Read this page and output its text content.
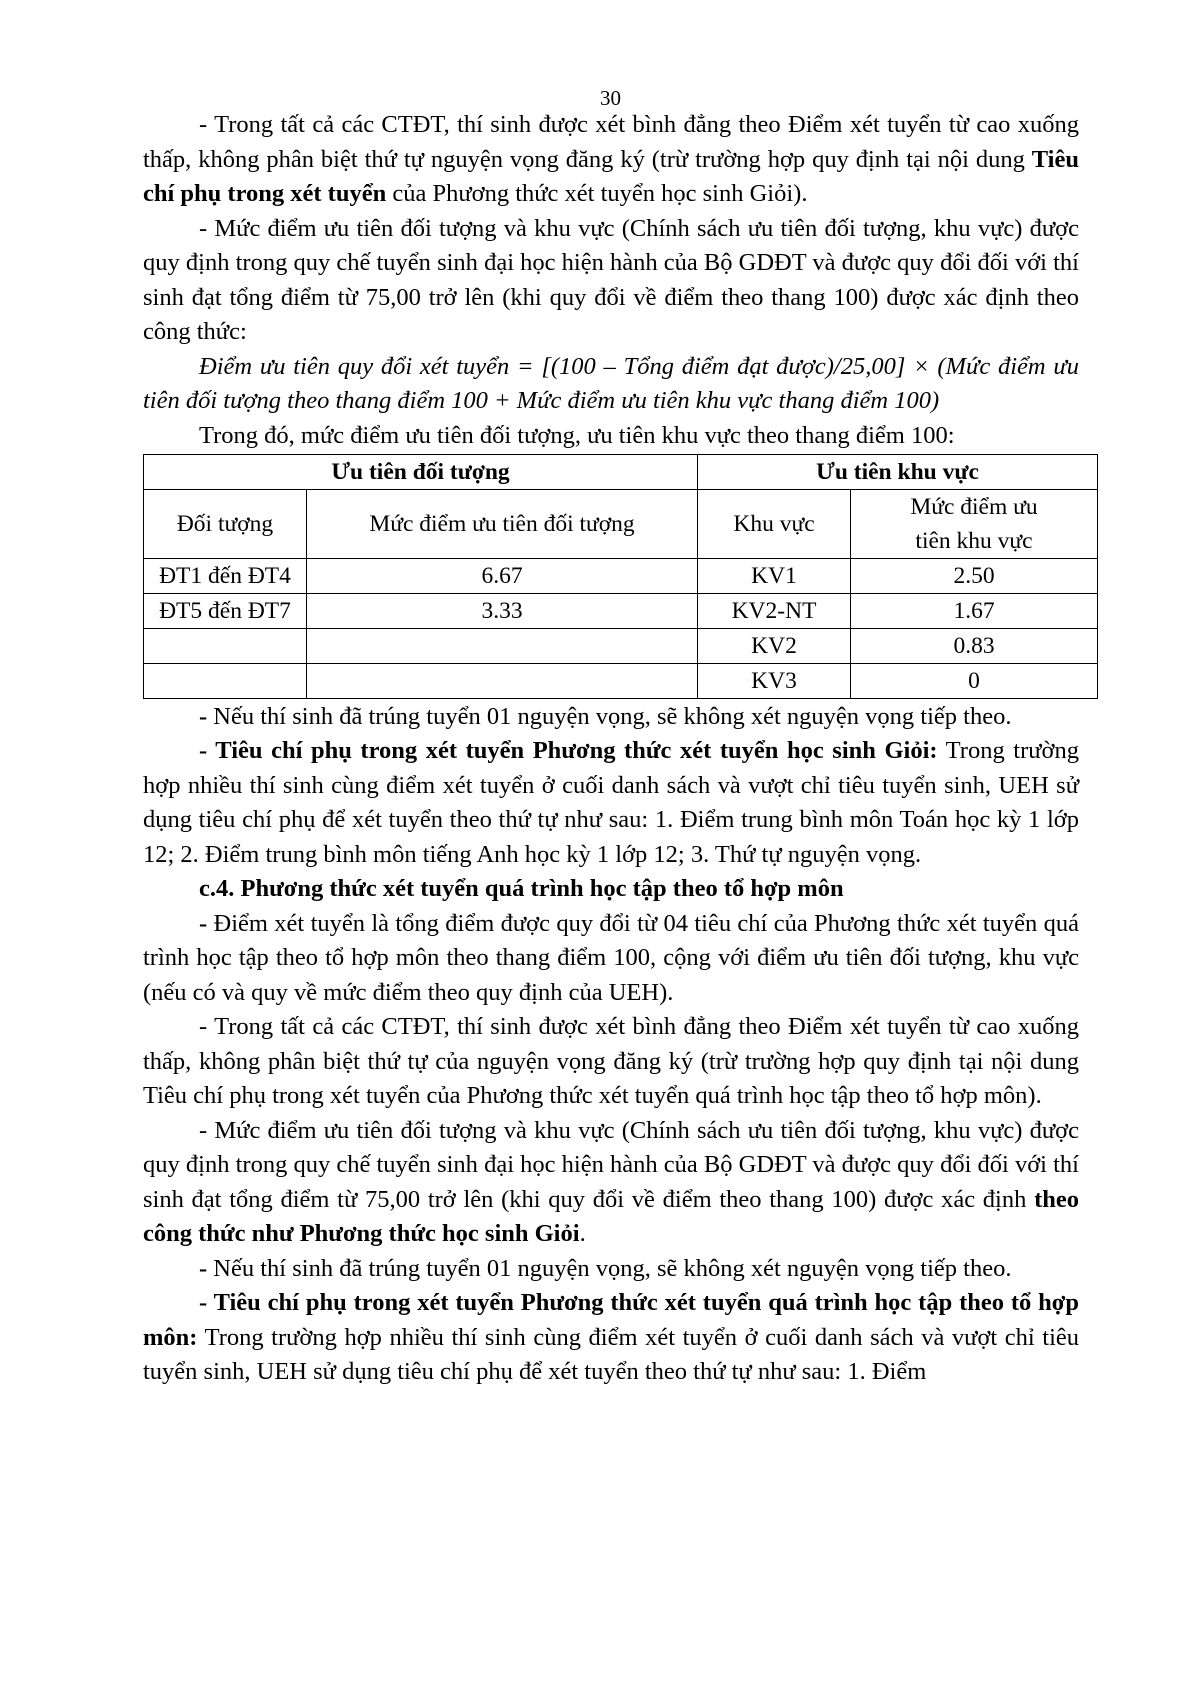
30

- Trong tất cả các CTĐT, thí sinh được xét bình đẳng theo Điểm xét tuyển từ cao xuống thấp, không phân biệt thứ tự nguyện vọng đăng ký (trừ trường hợp quy định tại nội dung Tiêu chí phụ trong xét tuyển của Phương thức xét tuyển học sinh Giỏi).

- Mức điểm ưu tiên đối tượng và khu vực (Chính sách ưu tiên đối tượng, khu vực) được quy định trong quy chế tuyển sinh đại học hiện hành của Bộ GDĐT và được quy đổi đối với thí sinh đạt tổng điểm từ 75,00 trở lên (khi quy đổi về điểm theo thang 100) được xác định theo công thức:

Điểm ưu tiên quy đổi xét tuyển = [(100 – Tổng điểm đạt được)/25,00] × (Mức điểm ưu tiên đối tượng theo thang điểm 100 + Mức điểm ưu tiên khu vực thang điểm 100)

Trong đó, mức điểm ưu tiên đối tượng, ưu tiên khu vực theo thang điểm 100:

Ưu tiên đối tượng		Ưu tiên khu vực	
Đối tượng	Mức điểm ưu tiên đối tượng	Khu vực	Mức điểm ưu tiên khu vực
ĐT1 đến ĐT4	6.67	KV1	2.50
ĐT5 đến ĐT7	3.33	KV2-NT	1.67
		KV2	0.83
		KV3	0

- Nếu thí sinh đã trúng tuyển 01 nguyện vọng, sẽ không xét nguyện vọng tiếp theo.

- Tiêu chí phụ trong xét tuyển Phương thức xét tuyển học sinh Giỏi: Trong trường hợp nhiều thí sinh cùng điểm xét tuyển ở cuối danh sách và vượt chỉ tiêu tuyển sinh, UEH sử dụng tiêu chí phụ để xét tuyển theo thứ tự như sau: 1. Điểm trung bình môn Toán học kỳ 1 lớp 12; 2. Điểm trung bình môn tiếng Anh học kỳ 1 lớp 12; 3. Thứ tự nguyện vọng.

c.4. Phương thức xét tuyển quá trình học tập theo tổ hợp môn

- Điểm xét tuyển là tổng điểm được quy đổi từ 04 tiêu chí của Phương thức xét tuyển quá trình học tập theo tổ hợp môn theo thang điểm 100, cộng với điểm ưu tiên đối tượng, khu vực (nếu có và quy về mức điểm theo quy định của UEH).

- Trong tất cả các CTĐT, thí sinh được xét bình đẳng theo Điểm xét tuyển từ cao xuống thấp, không phân biệt thứ tự của nguyện vọng đăng ký (trừ trường hợp quy định tại nội dung Tiêu chí phụ trong xét tuyển của Phương thức xét tuyển quá trình học tập theo tổ hợp môn).

- Mức điểm ưu tiên đối tượng và khu vực (Chính sách ưu tiên đối tượng, khu vực) được quy định trong quy chế tuyển sinh đại học hiện hành của Bộ GDĐT và được quy đổi đối với thí sinh đạt tổng điểm từ 75,00 trở lên (khi quy đổi về điểm theo thang 100) được xác định theo công thức như Phương thức học sinh Giỏi.

- Nếu thí sinh đã trúng tuyển 01 nguyện vọng, sẽ không xét nguyện vọng tiếp theo.

- Tiêu chí phụ trong xét tuyển Phương thức xét tuyển quá trình học tập theo tổ hợp môn: Trong trường hợp nhiều thí sinh cùng điểm xét tuyển ở cuối danh sách và vượt chỉ tiêu tuyển sinh, UEH sử dụng tiêu chí phụ để xét tuyển theo thứ tự như sau: 1. Điểm
